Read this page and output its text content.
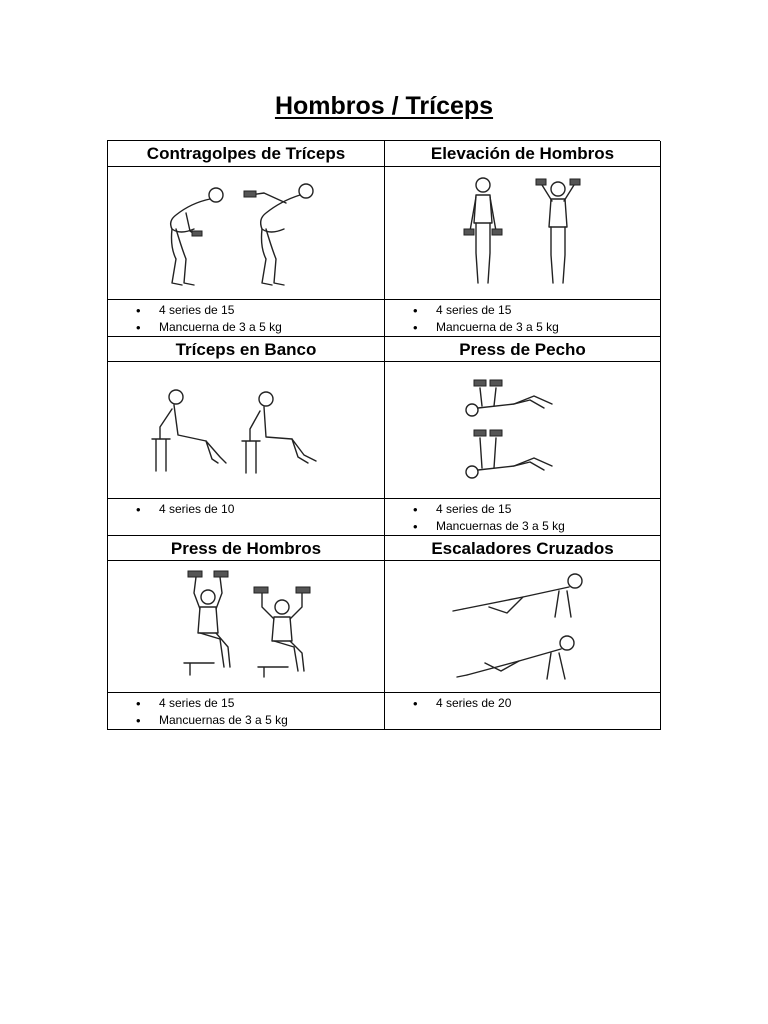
Hombros / Tríceps
Contragolpes de Tríceps	Elevación de Hombros
• 4 series de 15
• Mancuerna de 3 a 5 kg
• 4 series de 15
• Mancuerna de 3 a 5 kg
Tríceps en Banco	Press de Pecho
• 4 series de 10
•	4 series de 15
• Mancuernas de 3 a 5 kg
Press de Hombros	Escaladores Cruzados
• 4 series de 15
• Mancuernas de 3 a 5 kg
• 4 series de 20
